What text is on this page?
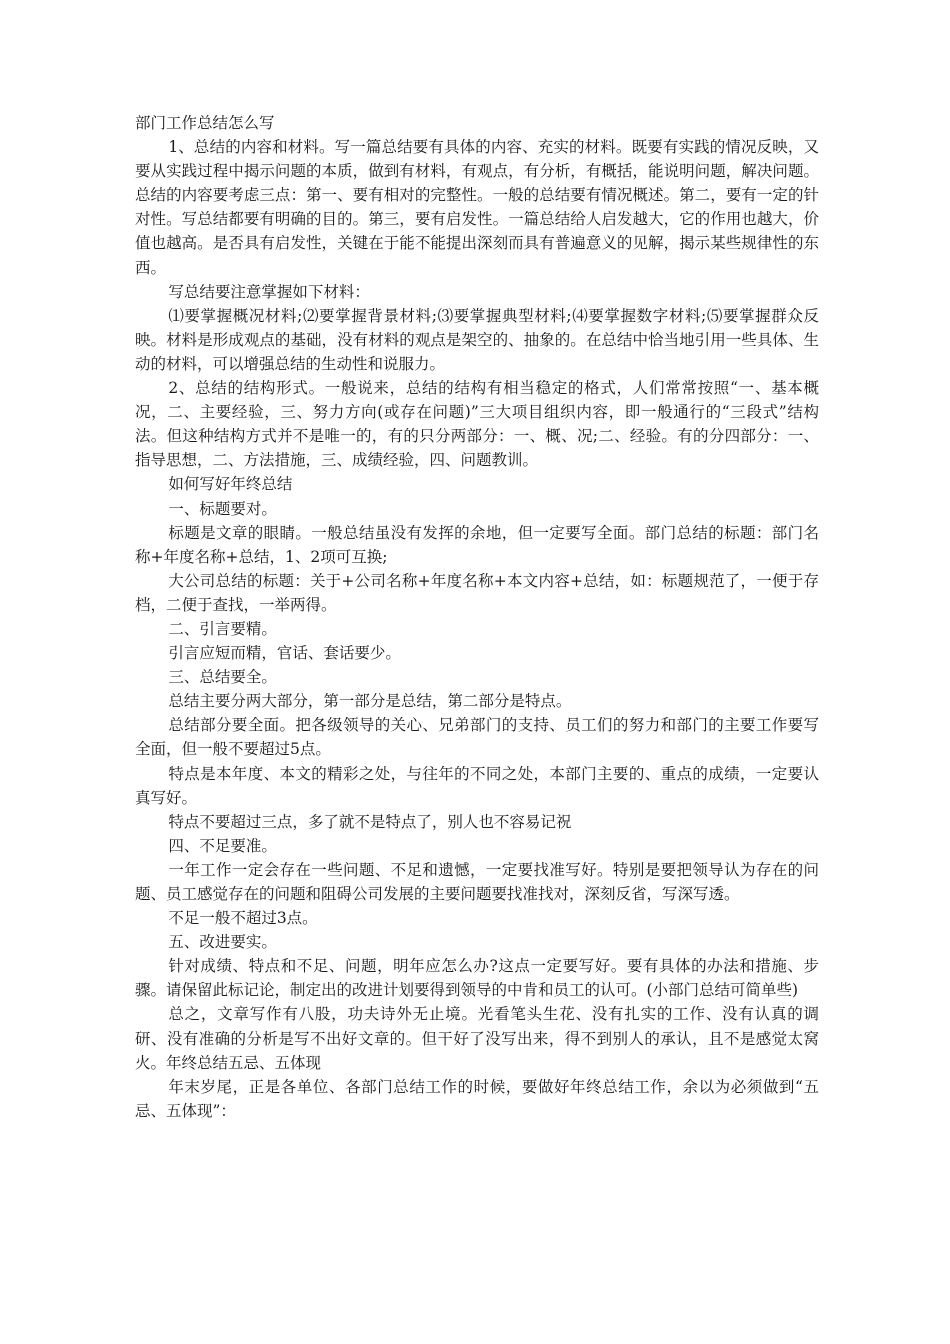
部门工作总结怎么写

1、总结的内容和材料。写一篇总结要有具体的内容、充实的材料。既要有实践的情况反映，又要从实践过程中揭示问题的本质，做到有材料，有观点，有分析，有概括，能说明问题，解决问题。总结的内容要考虑三点：第一、要有相对的完整性。一般的总结要有情况概述。第二，要有一定的针对性。写总结都要有明确的目的。第三，要有启发性。一篇总结给人启发越大，它的作用也越大，价值也越高。是否具有启发性，关键在于能不能提出深刻而具有普遍意义的见解，揭示某些规律性的东西。

写总结要注意掌握如下材料：

⑴要掌握概况材料;⑵要掌握背景材料;⑶要掌握典型材料;⑷要掌握数字材料;⑸要掌握群众反映。材料是形成观点的基础，没有材料的观点是架空的、抽象的。在总结中恰当地引用一些具体、生动的材料，可以增强总结的生动性和说服力。

2、总结的结构形式。一般说来，总结的结构有相当稳定的格式，人们常常按照“一、基本概况，二、主要经验，三、努力方向(或存在问题)”三大项目组织内容，即一般通行的“三段式”结构法。但这种结构方式并不是唯一的，有的只分两部分：一、概、况;二、经验。有的分四部分：一、指导思想，二、方法措施，三、成绩经验，四、问题教训。

如何写好年终总结

一、标题要对。

标题是文章的眼睛。一般总结虽没有发挥的余地，但一定要写全面。部门总结的标题：部门名称+年度名称+总结，1、2项可互换;

大公司总结的标题：关于+公司名称+年度名称+本文内容+总结，如：标题规范了，一便于存档，二便于查找，一举两得。

二、引言要精。

引言应短而精，官话、套话要少。

三、总结要全。

总结主要分两大部分，第一部分是总结，第二部分是特点。

总结部分要全面。把各级领导的关心、兄弟部门的支持、员工们的努力和部门的主要工作要写全面，但一般不要超过5点。

特点是本年度、本文的精彩之处，与往年的不同之处，本部门主要的、重点的成绩，一定要认真写好。

特点不要超过三点，多了就不是特点了，别人也不容易记祝

四、不足要准。

一年工作一定会存在一些问题、不足和遗憾，一定要找准写好。特别是要把领导认为存在的问题、员工感觉存在的问题和阻碍公司发展的主要问题要找准找对，深刻反省，写深写透。

不足一般不超过3点。

五、改进要实。

针对成绩、特点和不足、问题，明年应怎么办?这点一定要写好。要有具体的办法和措施、步骤。请保留此标记论，制定出的改进计划要得到领导的中肯和员工的认可。(小部门总结可简单些)

总之，文章写作有八股，功夫诗外无止境。光看笔头生花、没有扎实的工作、没有认真的调研、没有准确的分析是写不出好文章的。但干好了没写出来，得不到别人的承认，且不是感觉太窝火。年终总结五忌、五体现

年末岁尾，正是各单位、各部门总结工作的时候，要做好年终总结工作，余以为必须做到“五忌、五体现”：
